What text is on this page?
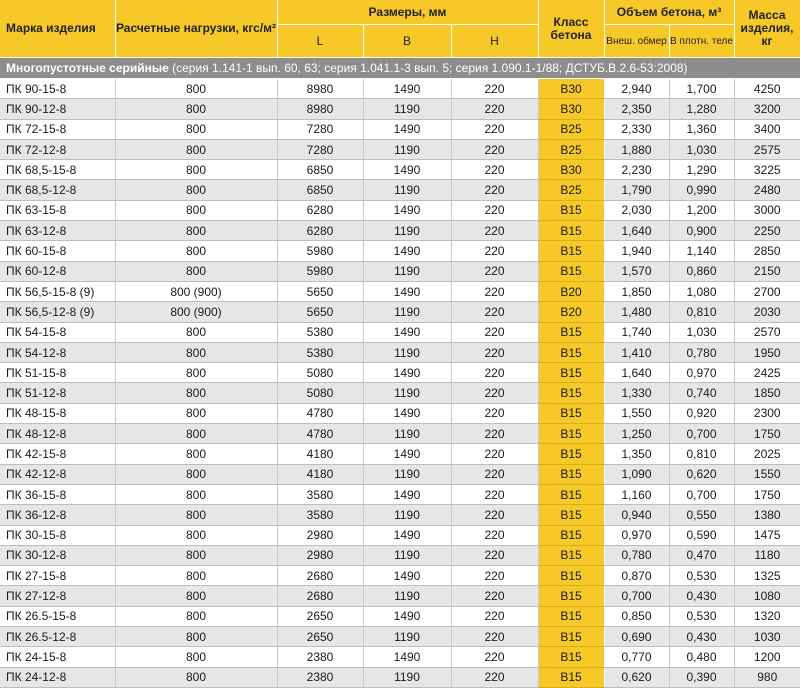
Марка изделия	Расчетные нагрузки, кгс/м²	Размеры, мм			Класс бетона	Объем бетона, м³		Масса изделия, кг
		L	B	H		Внеш. обмер	В плотн. теле	
Многопустотные серийные (серия 1.141-1 вып. 60, 63; серия 1.041.1-3 вып. 5; серия 1.090.1-1/88; ДСТУБ.В.2.6-53:2008)								
ПК 90-15-8	800	8980	1490	220	B30	2,940	1,700	4250
ПК 90-12-8	800	8980	1190	220	B30	2,350	1,280	3200
ПК 72-15-8	800	7280	1490	220	B25	2,330	1,360	3400
ПК 72-12-8	800	7280	1190	220	B25	1,880	1,030	2575
ПК 68,5-15-8	800	6850	1490	220	B30	2,230	1,290	3225
ПК 68,5-12-8	800	6850	1190	220	B25	1,790	0,990	2480
ПК 63-15-8	800	6280	1490	220	B15	2,030	1,200	3000
ПК 63-12-8	800	6280	1190	220	B15	1,640	0,900	2250
ПК 60-15-8	800	5980	1490	220	B15	1,940	1,140	2850
ПК 60-12-8	800	5980	1190	220	B15	1,570	0,860	2150
ПК 56,5-15-8 (9)	800 (900)	5650	1490	220	B20	1,850	1,080	2700
ПК 56,5-12-8 (9)	800 (900)	5650	1190	220	B20	1,480	0,810	2030
ПК 54-15-8	800	5380	1490	220	B15	1,740	1,030	2570
ПК 54-12-8	800	5380	1190	220	B15	1,410	0,780	1950
ПК 51-15-8	800	5080	1490	220	B15	1,640	0,970	2425
ПК 51-12-8	800	5080	1190	220	B15	1,330	0,740	1850
ПК 48-15-8	800	4780	1490	220	B15	1,550	0,920	2300
ПК 48-12-8	800	4780	1190	220	B15	1,250	0,700	1750
ПК 42-15-8	800	4180	1490	220	B15	1,350	0,810	2025
ПК 42-12-8	800	4180	1190	220	B15	1,090	0,620	1550
ПК 36-15-8	800	3580	1490	220	B15	1,160	0,700	1750
ПК 36-12-8	800	3580	1190	220	B15	0,940	0,550	1380
ПК 30-15-8	800	2980	1490	220	B15	0,970	0,590	1475
ПК 30-12-8	800	2980	1190	220	B15	0,780	0,470	1180
ПК 27-15-8	800	2680	1490	220	B15	0,870	0,530	1325
ПК 27-12-8	800	2680	1190	220	B15	0,700	0,430	1080
ПК 26.5-15-8	800	2650	1490	220	B15	0,850	0,530	1320
ПК 26.5-12-8	800	2650	1190	220	B15	0,690	0,430	1030
ПК 24-15-8	800	2380	1490	220	B15	0,770	0,480	1200
ПК 24-12-8	800	2380	1190	220	B15	0,620	0,390	980
